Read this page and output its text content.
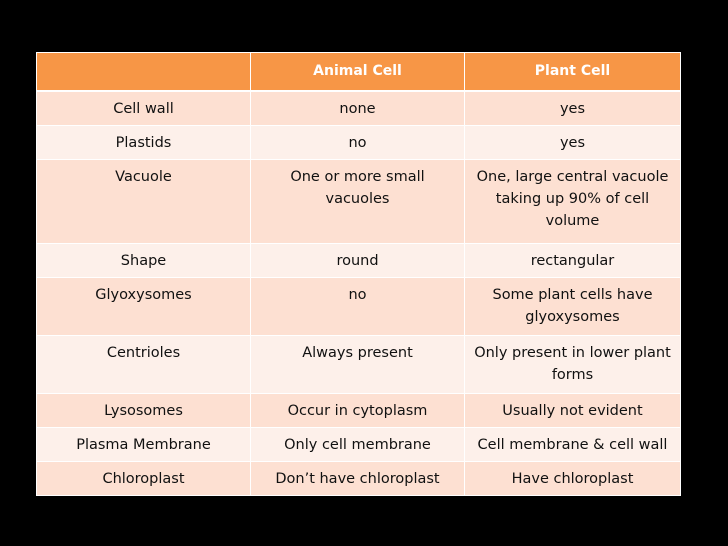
	Animal Cell	Plant Cell
Cell wall	none	yes
Plastids	no	yes
Vacuole	One or more small vacuoles	One, large central vacuole taking up 90% of cell volume
Shape	round	rectangular
Glyoxysomes	no	Some plant cells have glyoxysomes
Centrioles	Always present	Only present in lower plant forms
Lysosomes	Occur in cytoplasm	Usually not evident
Plasma Membrane	Only cell membrane	Cell membrane & cell wall
Chloroplast	Don’t have chloroplast	Have chloroplast
